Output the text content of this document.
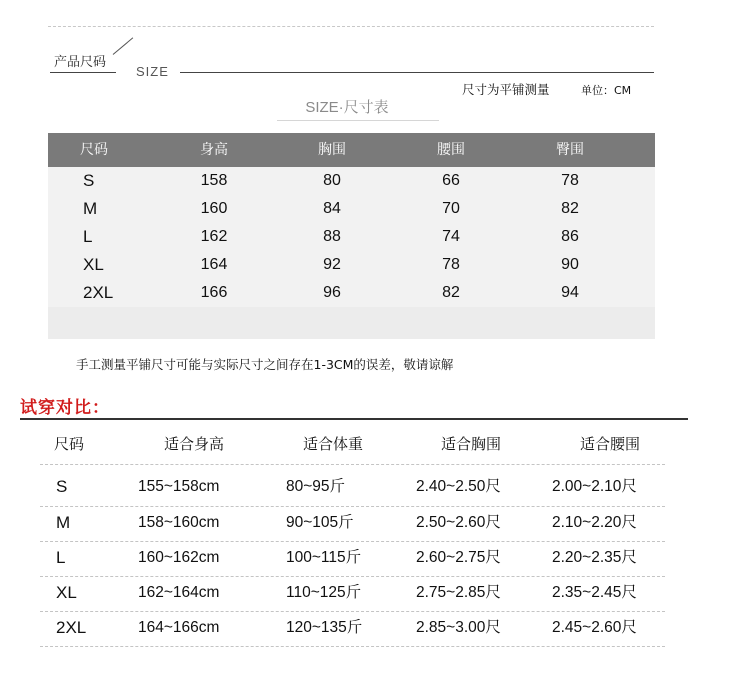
产品尺码
SIZE
尺寸为平铺测量	单位：CM
SIZE·尺寸表
尺码	身高	胸围	腰围	臀围
S	158	80	66	78
M	160	84	70	82
L	162	88	74	86
XL	164	92	78	90
2XL	166	96	82	94
手工测量平铺尺寸可能与实际尺寸之间存在1-3CM的误差，敬请谅解
试穿对比：
尺码	适合身高	适合体重	适合胸围	适合腰围
S	155~158cm	80~95斤	2.40~2.50尺	2.00~2.10尺
M	158~160cm	90~105斤	2.50~2.60尺	2.10~2.20尺
L	160~162cm	100~115斤	2.60~2.75尺	2.20~2.35尺
XL	162~164cm	110~125斤	2.75~2.85尺	2.35~2.45尺
2XL	164~166cm	120~135斤	2.85~3.00尺	2.45~2.60尺
